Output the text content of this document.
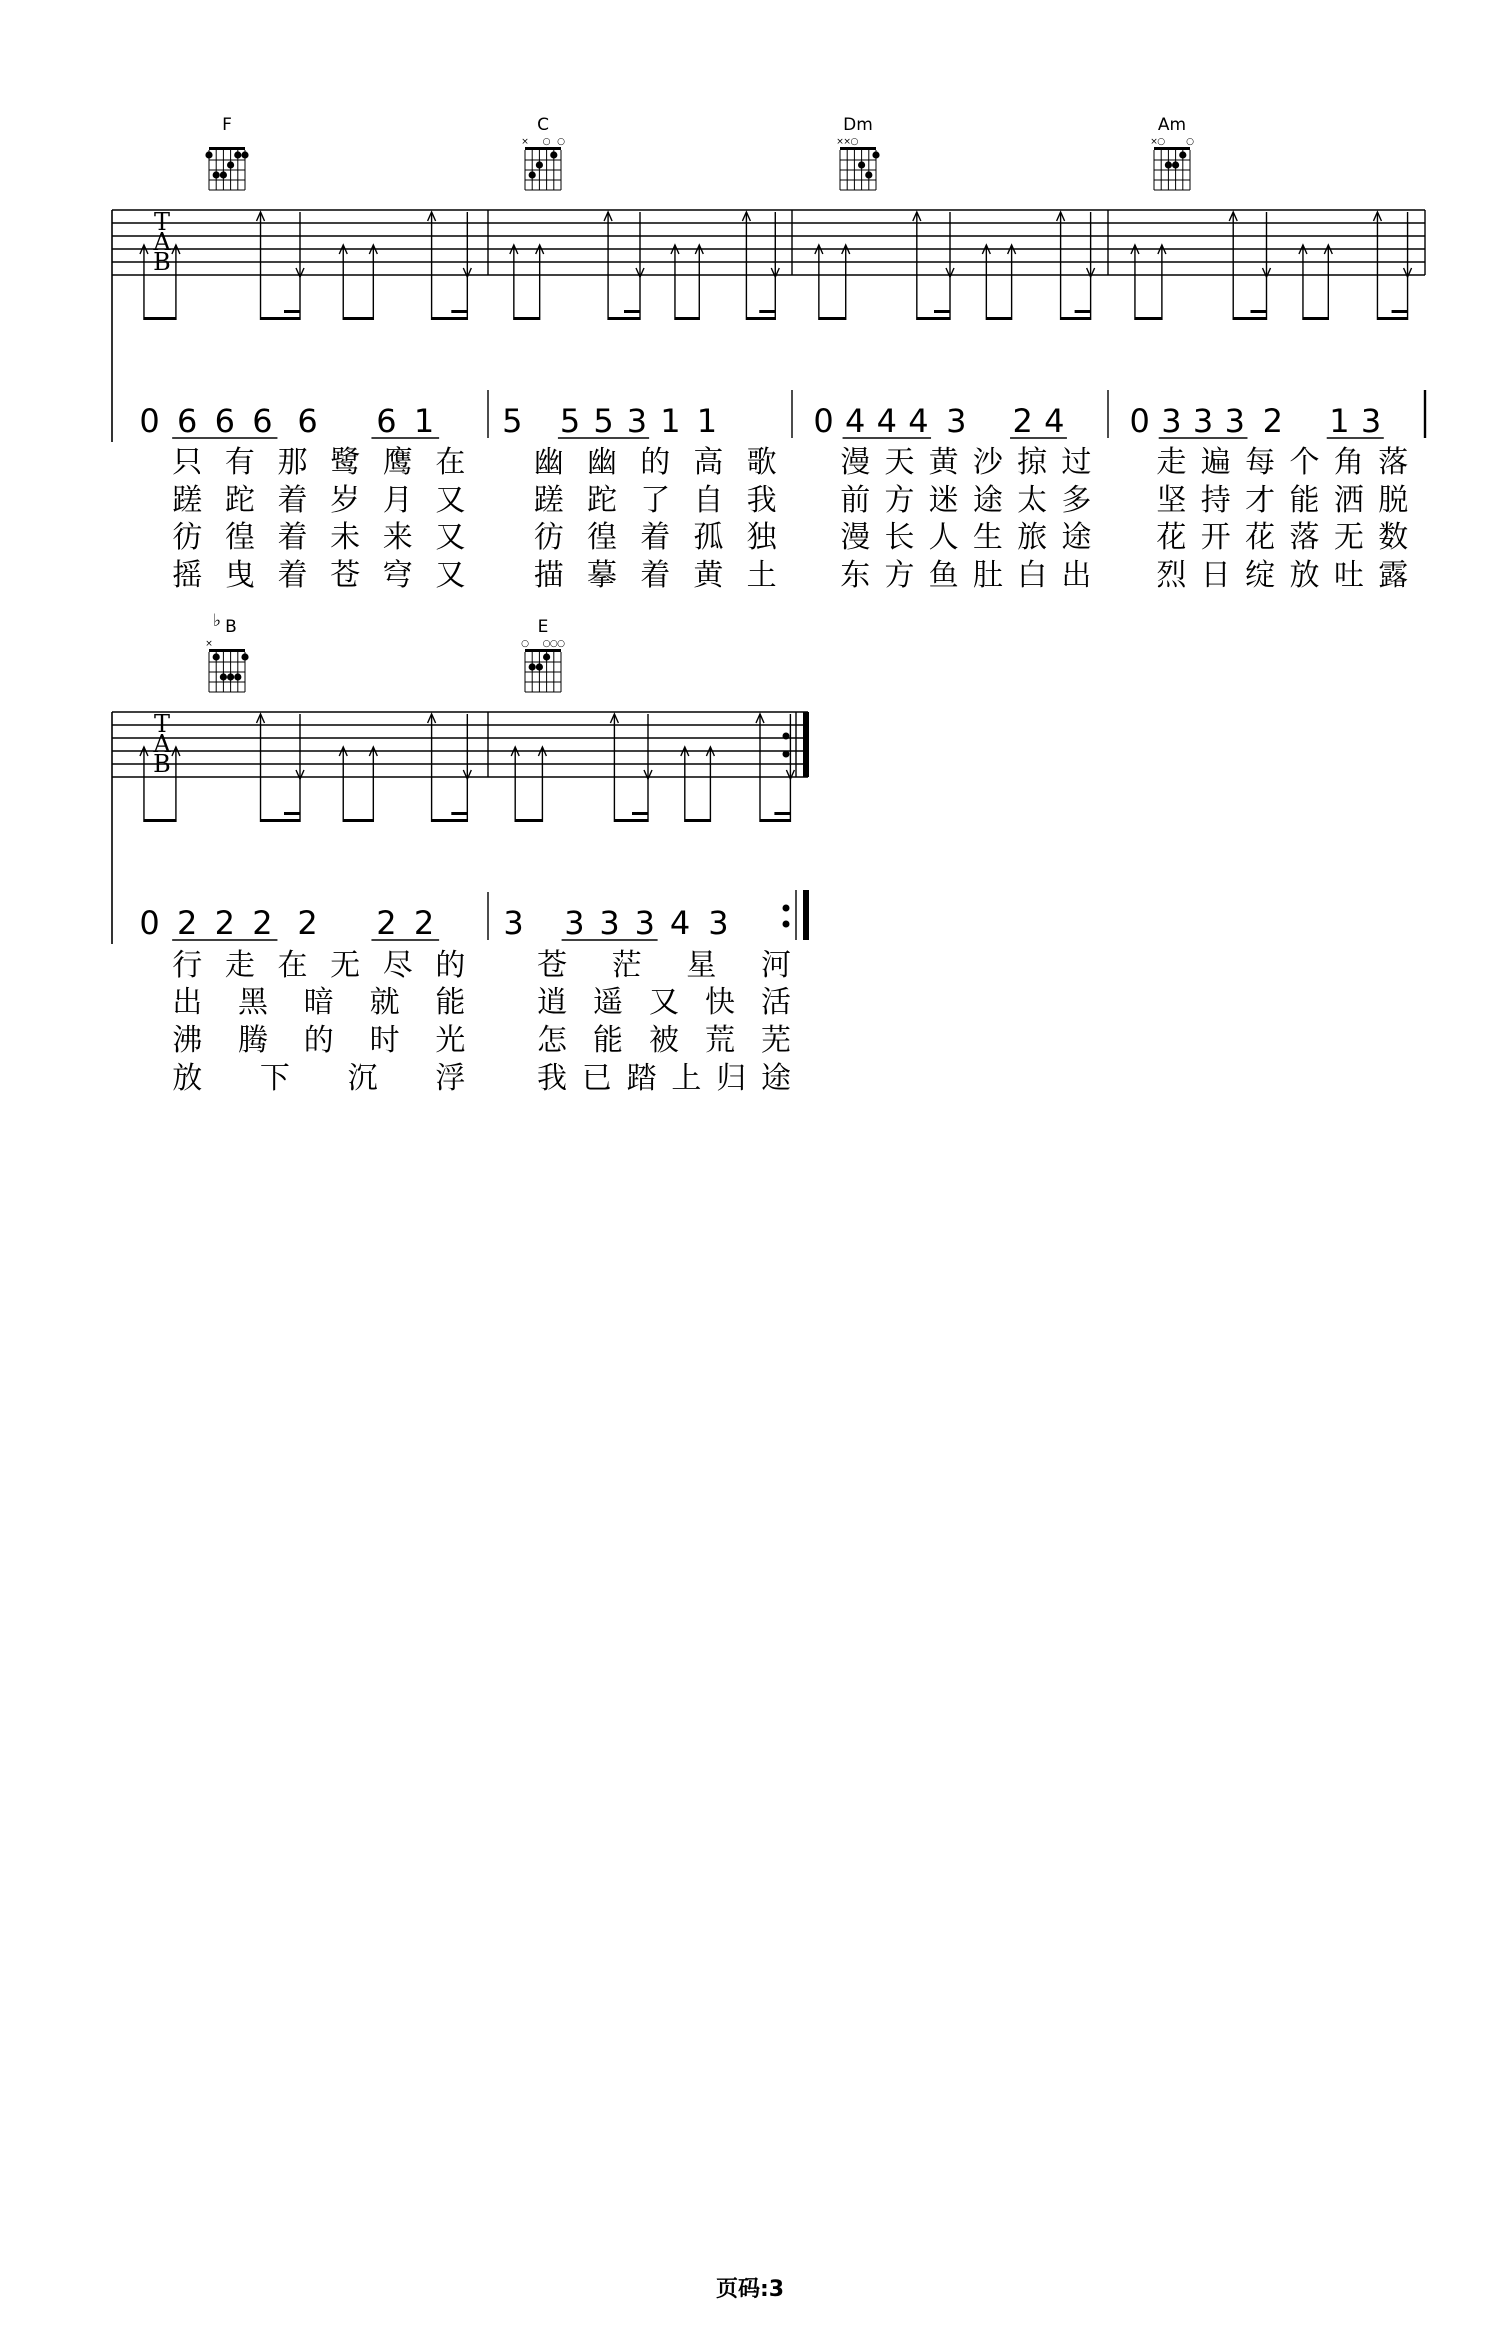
T
A
B
F	C
× ○ ○
Dm
× × ○
Am
× ○ ○
0 6 6 6 6 6 1 5 5 5 3 1 1	0 4 4 4 3 2 4 0 3 3 3 2 1 3
只 有 那 鹭 鹰 在 幽 幽 的 高 歌 漫 天 黄 沙 掠 过 走 遍 每 个 角 落
蹉 跎 着 岁 月 又 蹉 跎 了 自 我 前 方 迷 途 太 多 坚 持 才 能 洒 脱
彷 徨 着 未 来 又 彷 徨 着 孤 独 漫 长 人 生 旅 途 花 开 花 落 无 数
摇 曳 着 苍 穹 又 描 摹 着 黄 土 东 方 鱼 肚 白 出 烈 日 绽 放 吐 露
T
A
B
B
♭
×
E
○ ○ ○ ○
0 2 2 2 2 2 2 3 3 3 3 4 3
行 走 在 无 尽 的 苍 茫 星 河
出 黑 暗 就 能 逍 遥 又 快 活
沸 腾 的 时 光 怎 能 被 荒 芜
放 下 沉 浮 我 已 踏 上 归 途
页码:3
